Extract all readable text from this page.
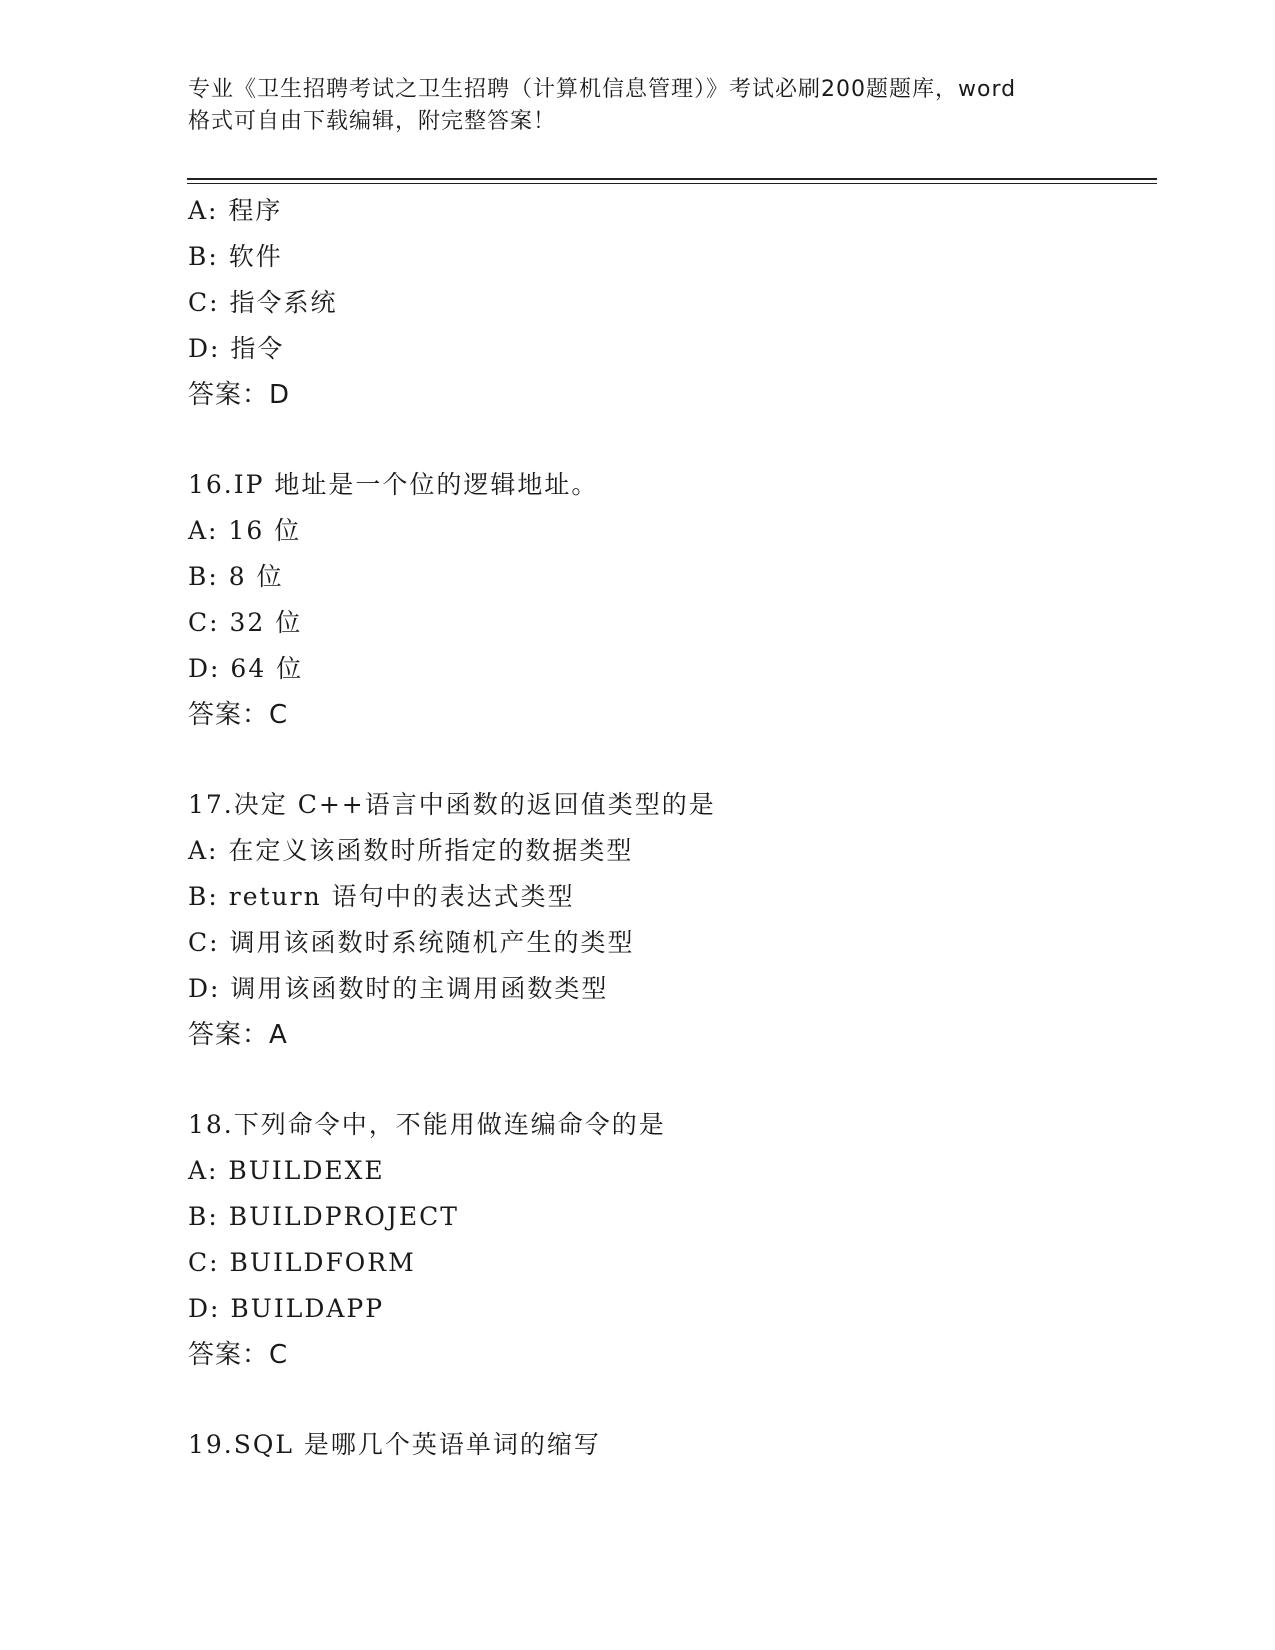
专业《卫生招聘考试之卫生招聘（计算机信息管理）》考试必刷200题题库，word
格式可自由下载编辑，附完整答案！
A: 程序
B: 软件
C: 指令系统
D: 指令
答案：D
16.IP 地址是一个位的逻辑地址。
A: 16 位
B: 8 位
C: 32 位
D: 64 位
答案：C
17.决定 C++语言中函数的返回值类型的是
A: 在定义该函数时所指定的数据类型
B: return 语句中的表达式类型
C: 调用该函数时系统随机产生的类型
D: 调用该函数时的主调用函数类型
答案：A
18.下列命令中，不能用做连编命令的是
A: BUILDEXE
B: BUILDPROJECT
C: BUILDFORM
D: BUILDAPP
答案：C
19.SQL 是哪几个英语单词的缩写
